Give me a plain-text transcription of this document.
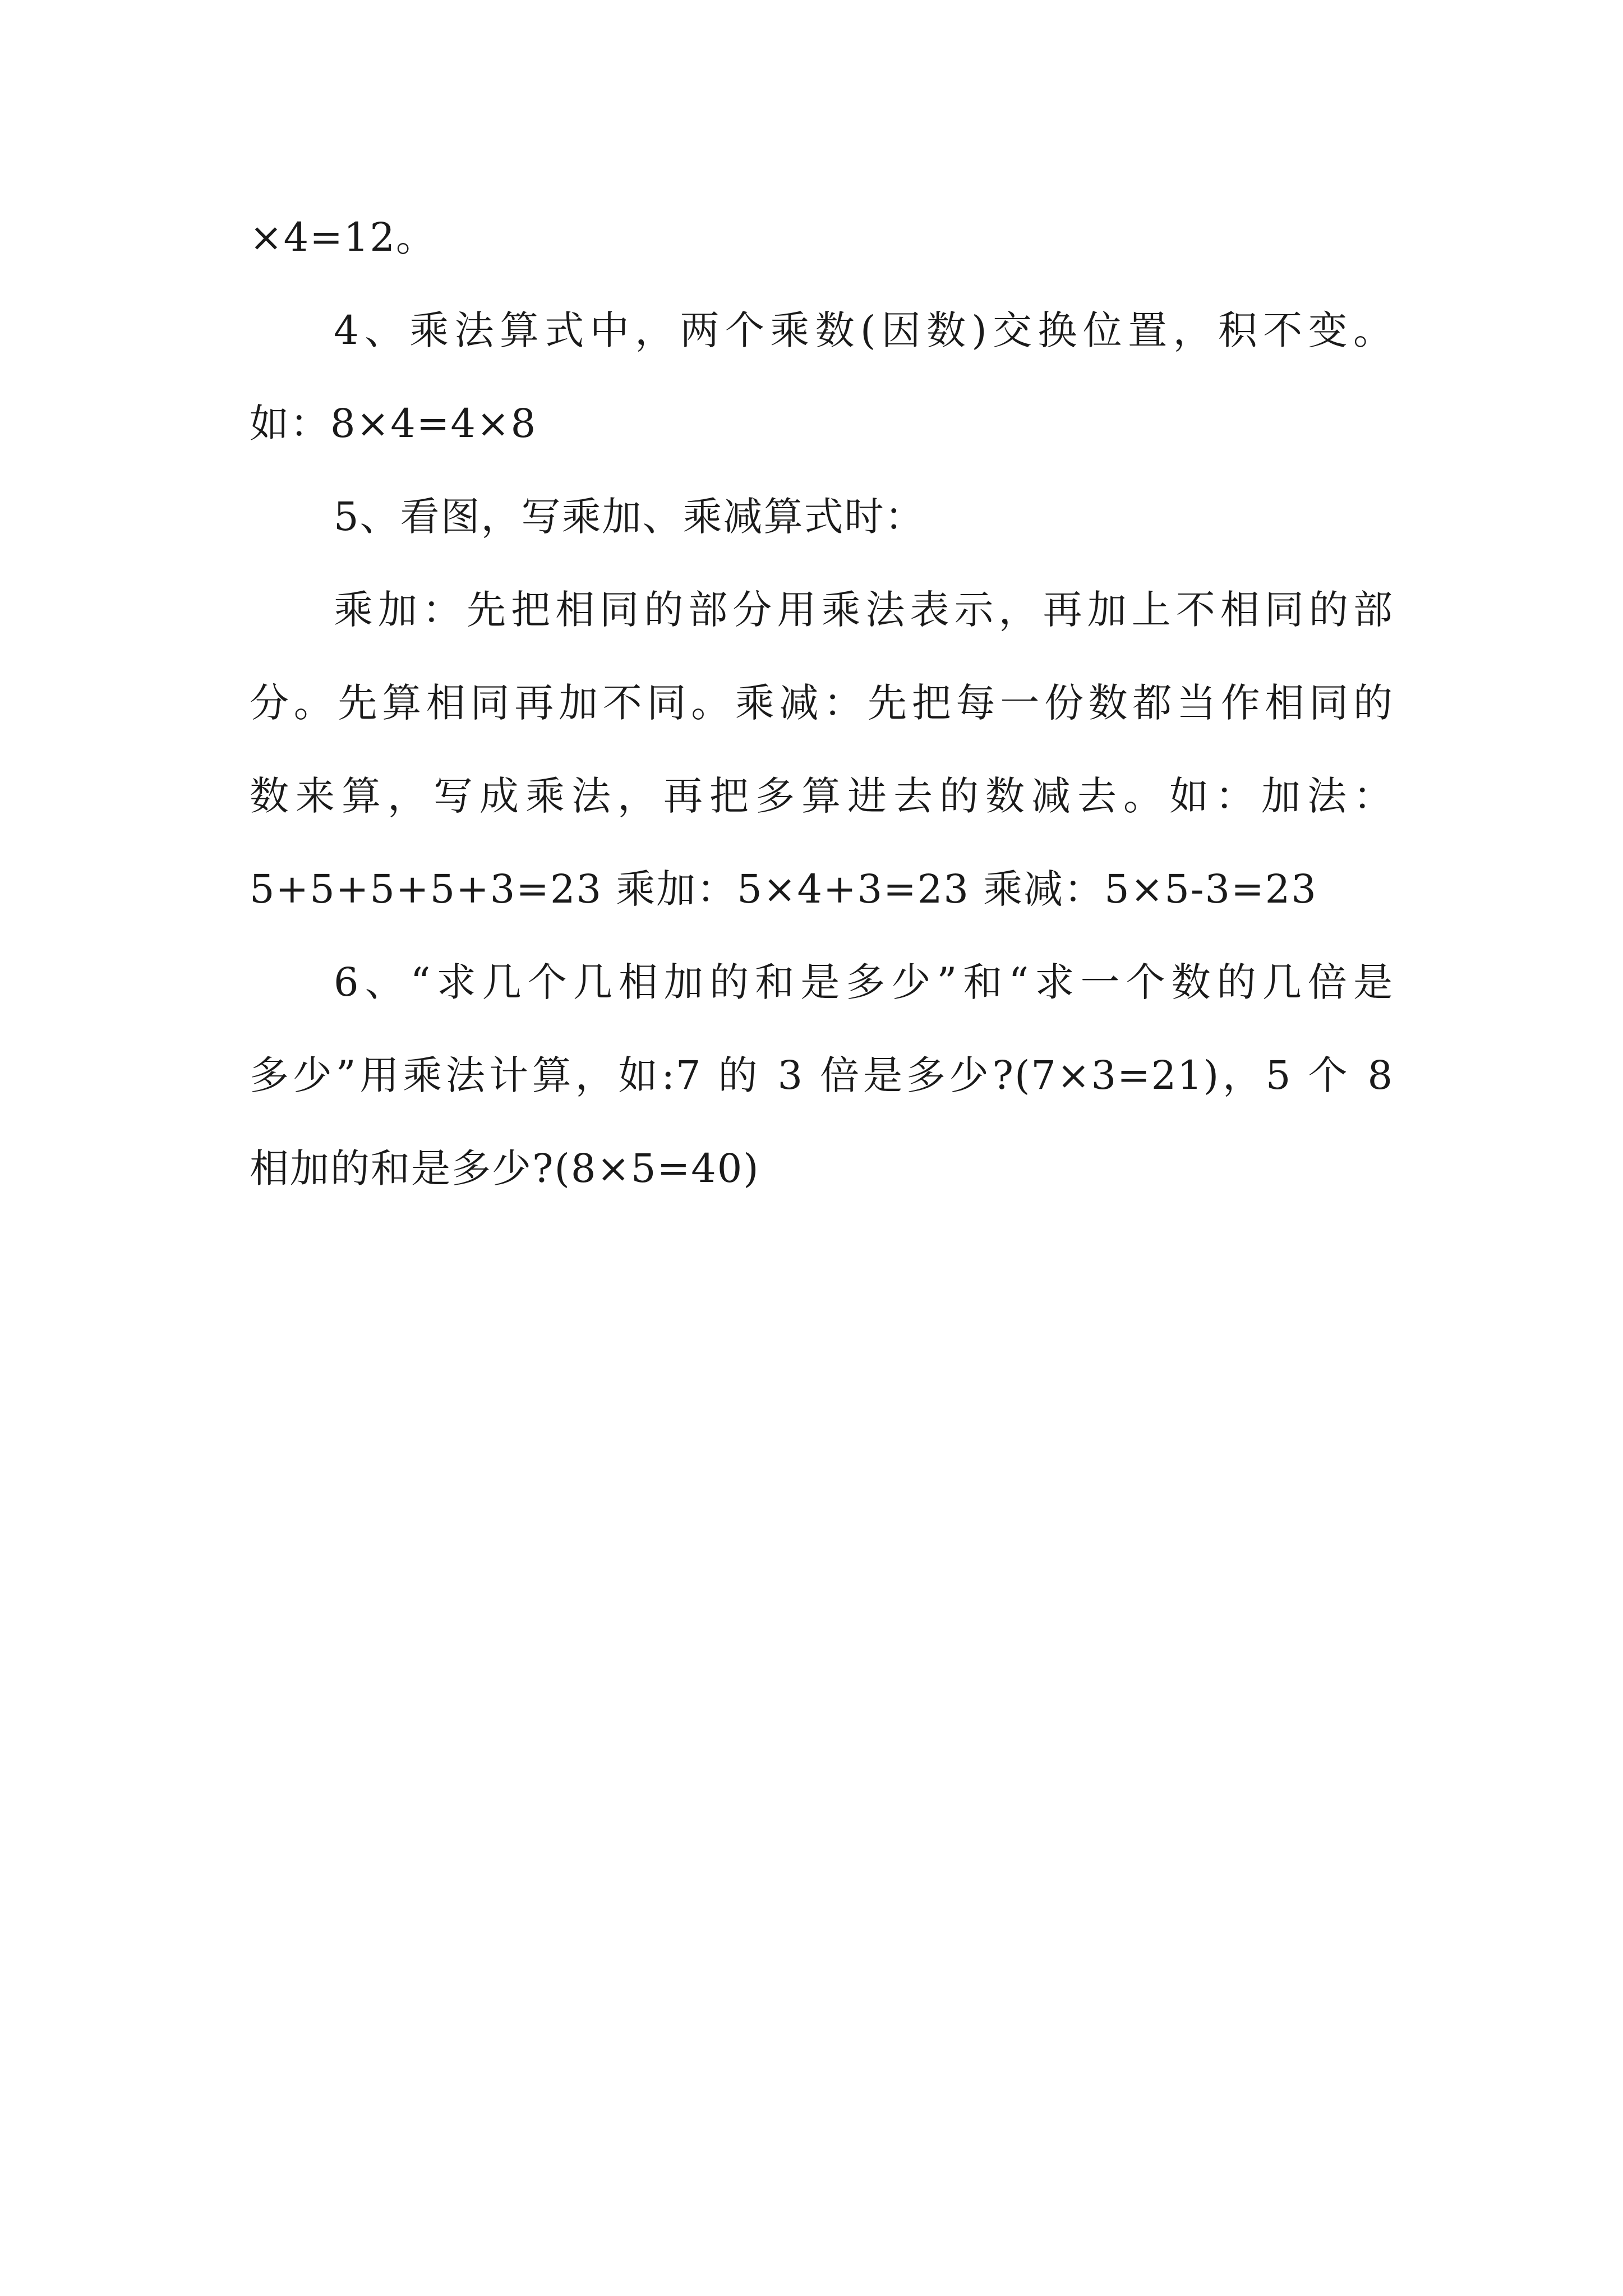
×4=12。
4、乘法算式中，两个乘数(因数)交换位置，积不变。
如：8×4=4×8
5、看图，写乘加、乘减算式时：
乘加：先把相同的部分用乘法表示，再加上不相同的部
分。先算相同再加不同。乘减：先把每一份数都当作相同的
数来算，写成乘法，再把多算进去的数减去。如：加法：
5+5+5+5+3=23 乘加：5×4+3=23 乘减：5×5-3=23
6、“求几个几相加的和是多少”和“求一个数的几倍是
多少”用乘法计算，如:7 的 3 倍是多少?(7×3=21)，5 个 8
相加的和是多少?(8×5=40)
